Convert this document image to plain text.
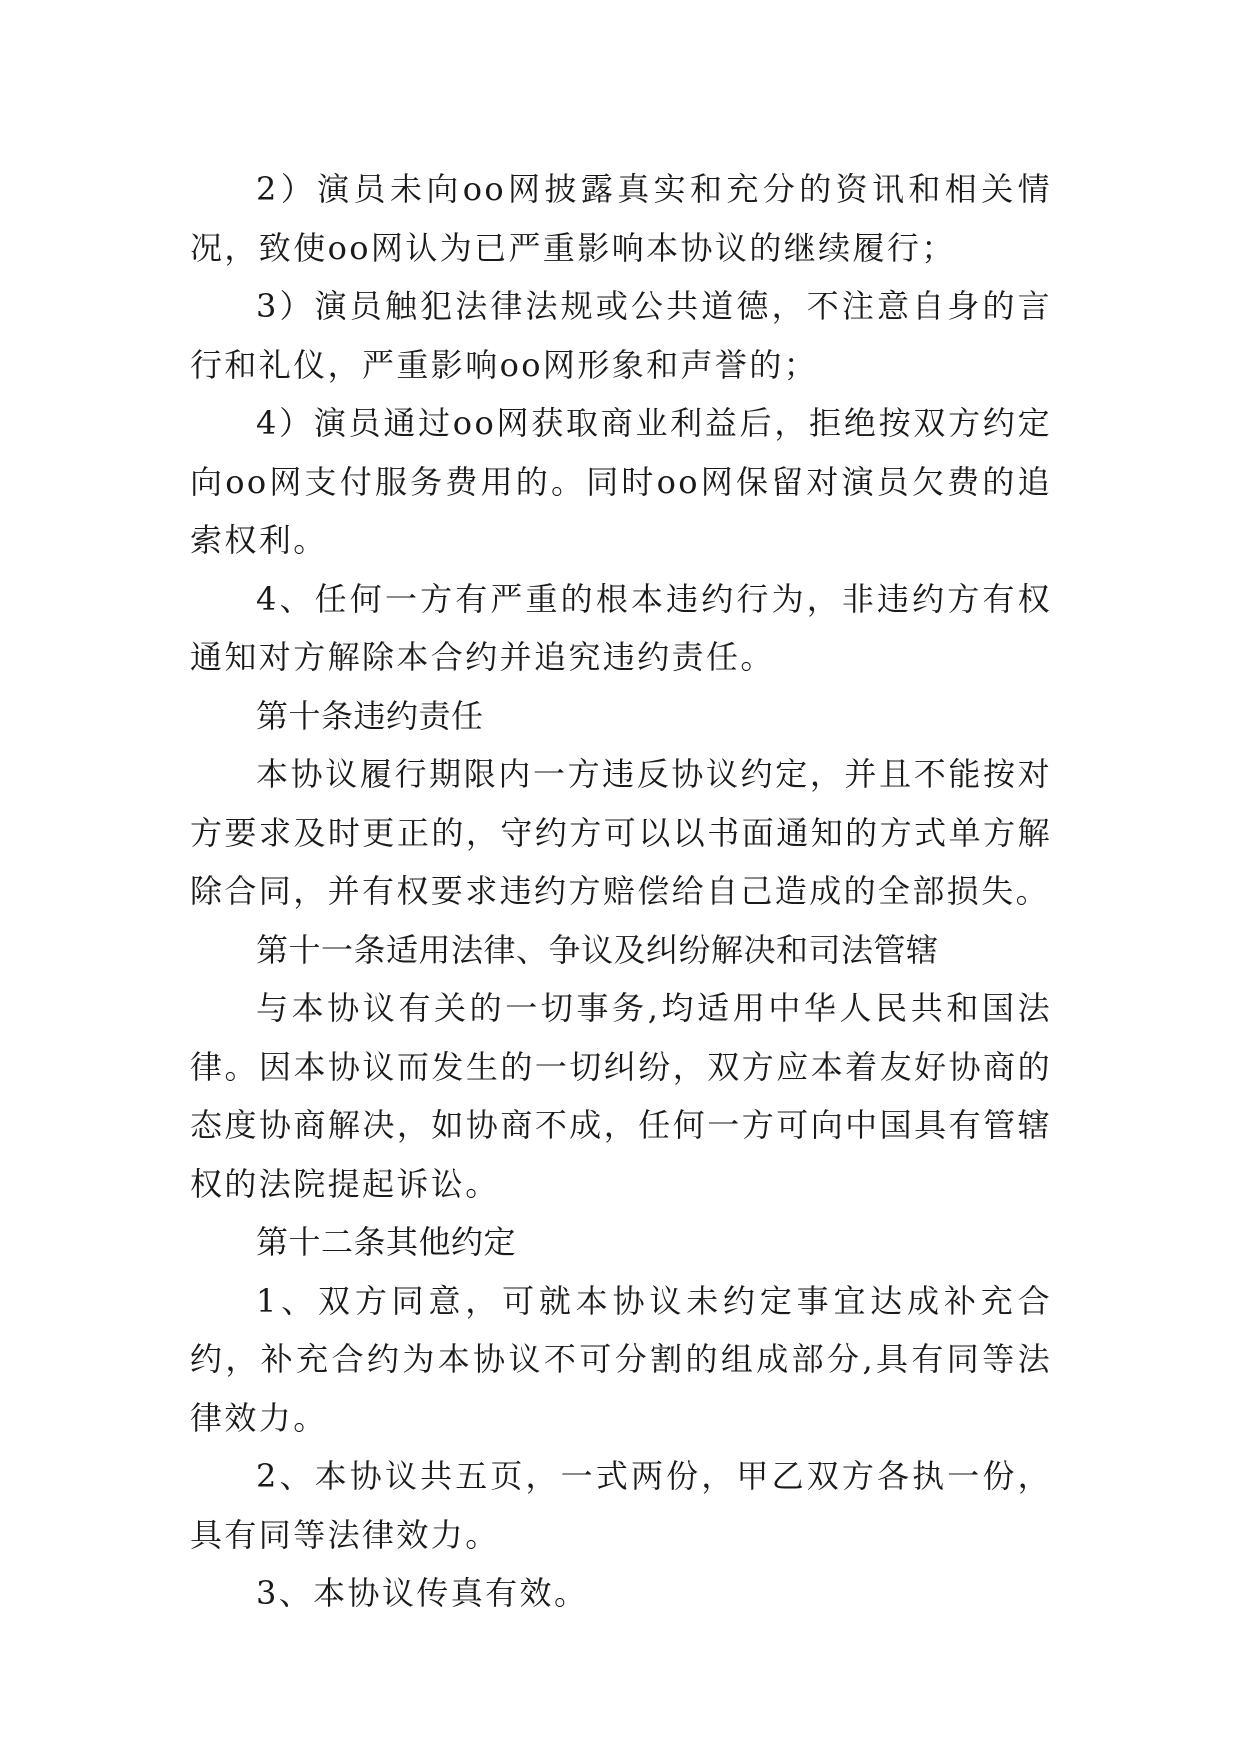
2）演员未向oo网披露真实和充分的资讯和相关情况，致使oo网认为已严重影响本协议的继续履行；

3）演员触犯法律法规或公共道德，不注意自身的言行和礼仪，严重影响oo网形象和声誉的；

4）演员通过oo网获取商业利益后，拒绝按双方约定向oo网支付服务费用的。同时oo网保留对演员欠费的追索权利。

4、任何一方有严重的根本违约行为，非违约方有权通知对方解除本合约并追究违约责任。

第十条违约责任

本协议履行期限内一方违反协议约定，并且不能按对方要求及时更正的，守约方可以以书面通知的方式单方解除合同，并有权要求违约方赔偿给自己造成的全部损失。

第十一条适用法律、争议及纠纷解决和司法管辖

与本协议有关的一切事务,均适用中华人民共和国法律。因本协议而发生的一切纠纷，双方应本着友好协商的态度协商解决，如协商不成，任何一方可向中国具有管辖权的法院提起诉讼。

第十二条其他约定

1、双方同意，可就本协议未约定事宜达成补充合约，补充合约为本协议不可分割的组成部分,具有同等法律效力。

2、本协议共五页，一式两份，甲乙双方各执一份，具有同等法律效力。

3、本协议传真有效。
